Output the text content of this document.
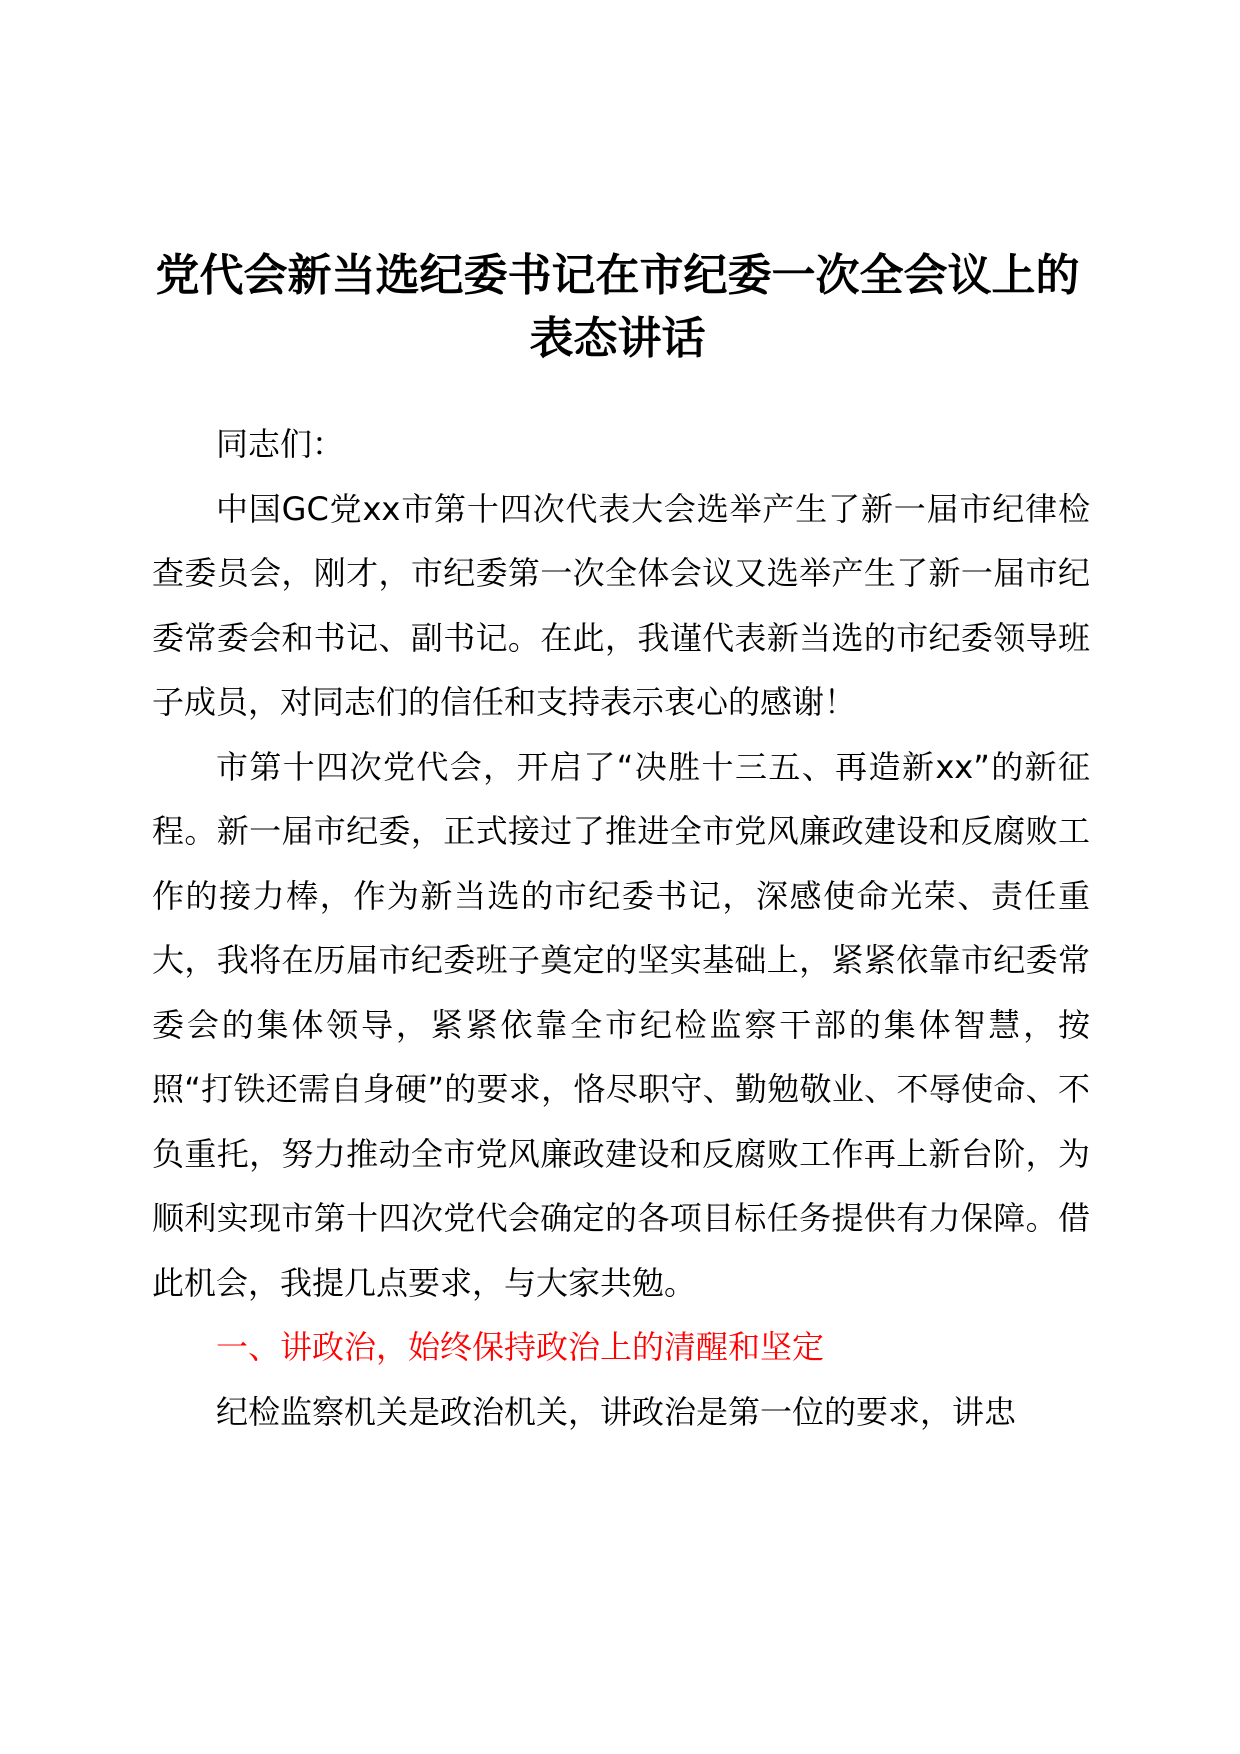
党代会新当选纪委书记在市纪委一次全会议上的表态讲话

同志们：

中国GC党xx市第十四次代表大会选举产生了新一届市纪律检查委员会，刚才，市纪委第一次全体会议又选举产生了新一届市纪委常委会和书记、副书记。在此，我谨代表新当选的市纪委领导班子成员，对同志们的信任和支持表示衷心的感谢！

市第十四次党代会，开启了“决胜十三五、再造新xx”的新征程。新一届市纪委，正式接过了推进全市党风廉政建设和反腐败工作的接力棒，作为新当选的市纪委书记，深感使命光荣、责任重大，我将在历届市纪委班子奠定的坚实基础上，紧紧依靠市纪委常委会的集体领导，紧紧依靠全市纪检监察干部的集体智慧，按照“打铁还需自身硬”的要求，恪尽职守、勤勉敬业、不辱使命、不负重托，努力推动全市党风廉政建设和反腐败工作再上新台阶，为顺利实现市第十四次党代会确定的各项目标任务提供有力保障。借此机会，我提几点要求，与大家共勉。

一、讲政治，始终保持政治上的清醒和坚定

纪检监察机关是政治机关，讲政治是第一位的要求，讲忠
